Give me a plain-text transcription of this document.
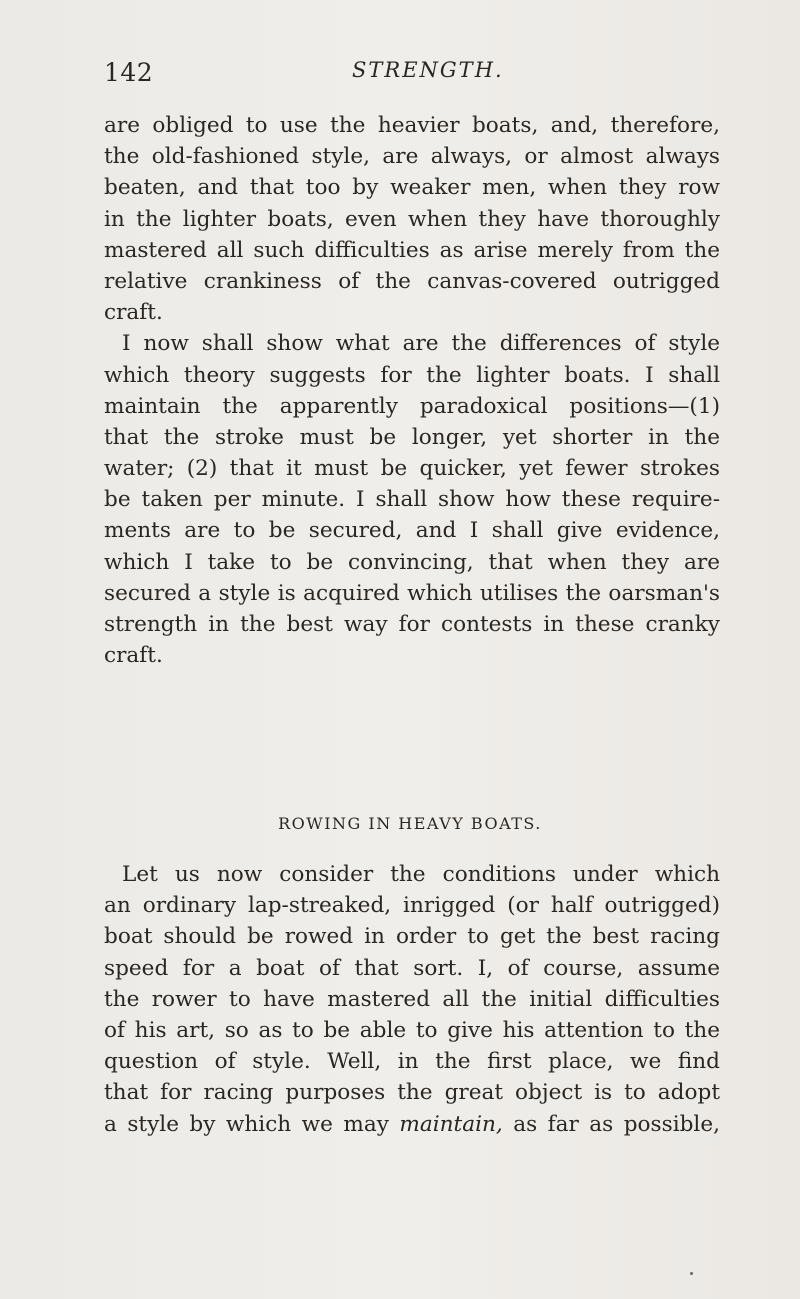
142	STRENGTH.
are obliged to use the heavier boats, and, therefore,
the old-fashioned style, are always, or almost always
beaten, and that too by weaker men, when they row
in the lighter boats, even when they have thoroughly
mastered all such difficulties as arise merely from the
relative crankiness of the canvas-covered outrigged
craft.
I now shall show what are the differences of style
which theory suggests for the lighter boats. I shall
maintain the apparently paradoxical positions—(1)
that the stroke must be longer, yet shorter in the
water; (2) that it must be quicker, yet fewer strokes
be taken per minute. I shall show how these require-
ments are to be secured, and I shall give evidence,
which I take to be convincing, that when they are
secured a style is acquired which utilises the oarsman's
strength in the best way for contests in these cranky
craft.
ROWING IN HEAVY BOATS.
Let us now consider the conditions under which
an ordinary lap-streaked, inrigged (or half outrigged)
boat should be rowed in order to get the best racing
speed for a boat of that sort. I, of course, assume
the rower to have mastered all the initial difficulties
of his art, so as to be able to give his attention to the
question of style. Well, in the first place, we find
that for racing purposes the great object is to adopt
a style by which we may maintain, as far as possible,
